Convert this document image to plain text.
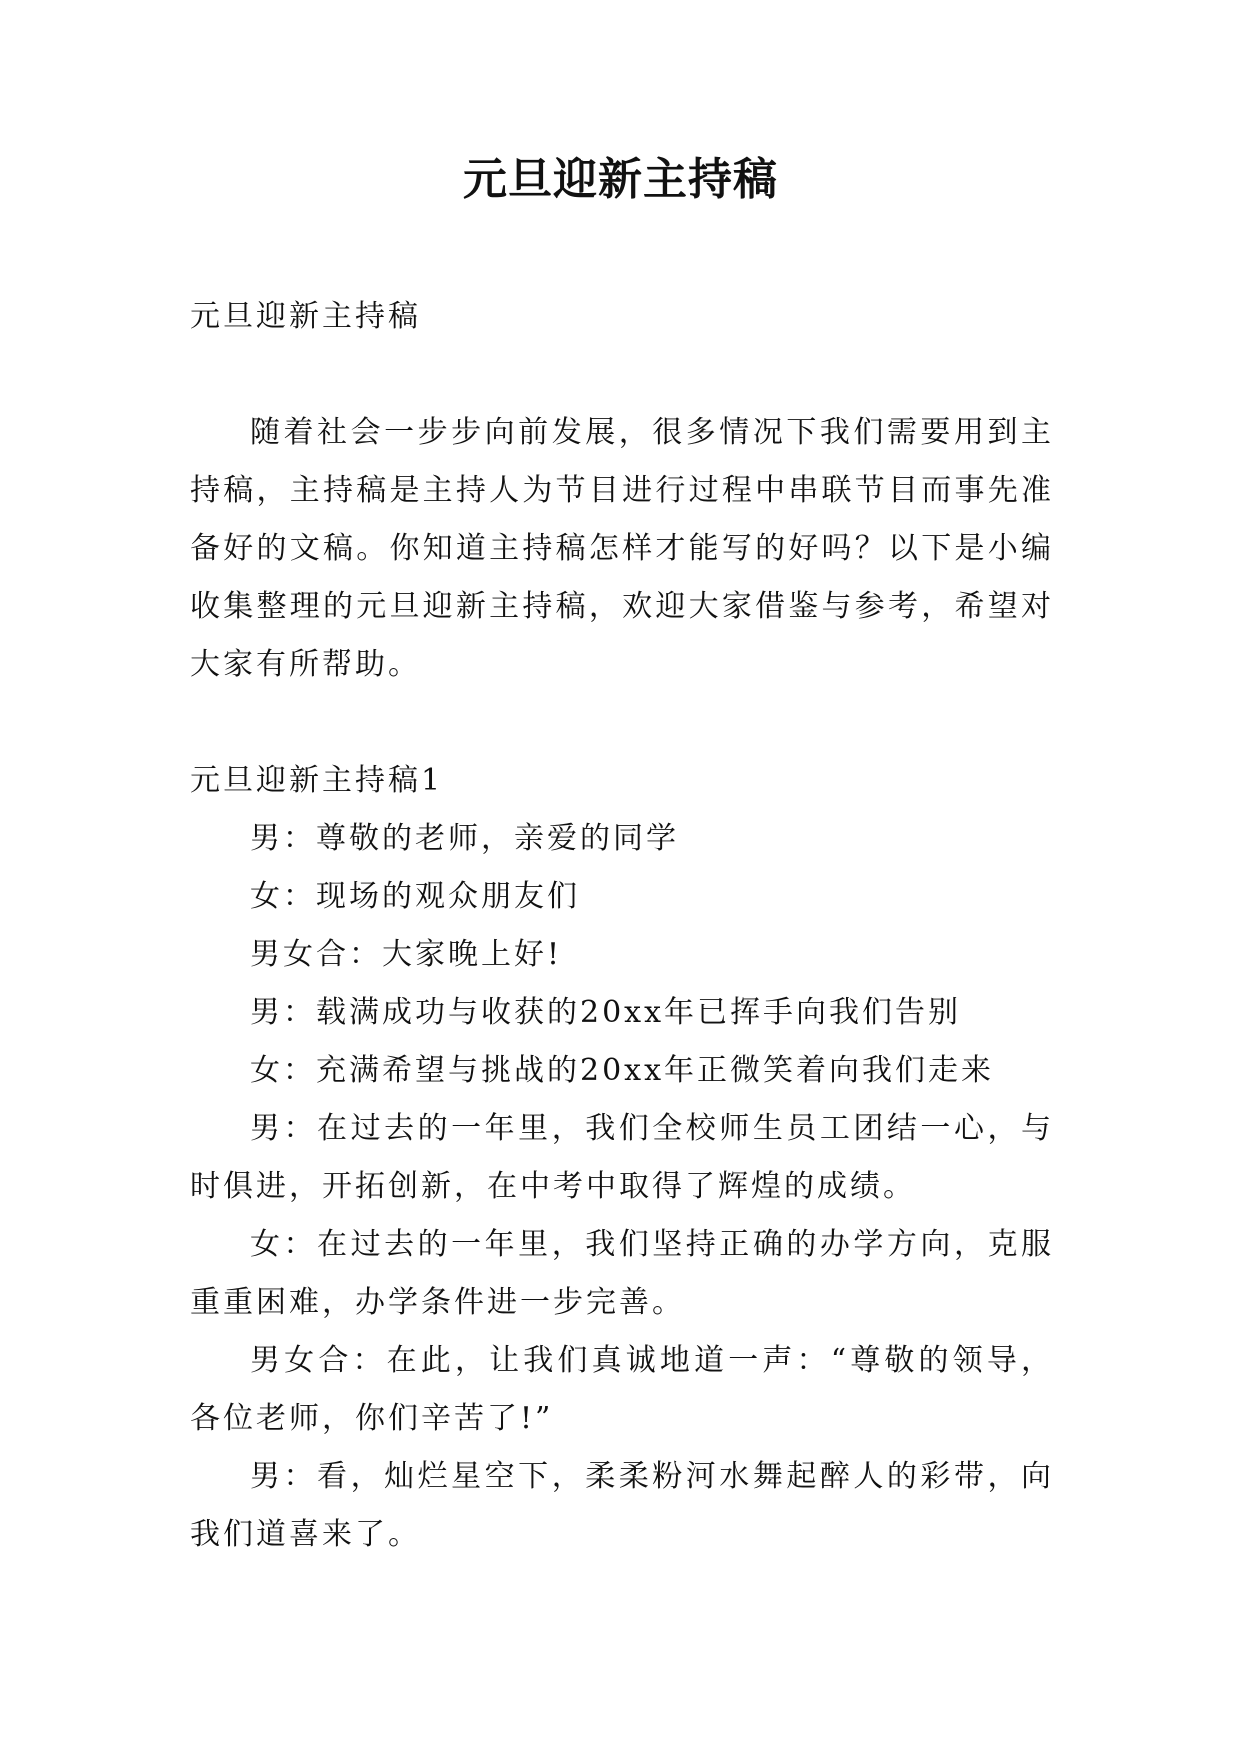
元旦迎新主持稿

元旦迎新主持稿

随着社会一步步向前发展，很多情况下我们需要用到主持稿，主持稿是主持人为节目进行过程中串联节目而事先准备好的文稿。你知道主持稿怎样才能写的好吗？以下是小编收集整理的元旦迎新主持稿，欢迎大家借鉴与参考，希望对大家有所帮助。

元旦迎新主持稿1

男：尊敬的老师，亲爱的同学

女：现场的观众朋友们

男女合：大家晚上好!

男：载满成功与收获的20xx年已挥手向我们告别

女：充满希望与挑战的20xx年正微笑着向我们走来

男：在过去的一年里，我们全校师生员工团结一心，与时俱进，开拓创新，在中考中取得了辉煌的成绩。

女：在过去的一年里，我们坚持正确的办学方向，克服重重困难，办学条件进一步完善。

男女合：在此，让我们真诚地道一声：“尊敬的领导，各位老师，你们辛苦了!”

男：看，灿烂星空下，柔柔粉河水舞起醉人的彩带，向我们道喜来了。
